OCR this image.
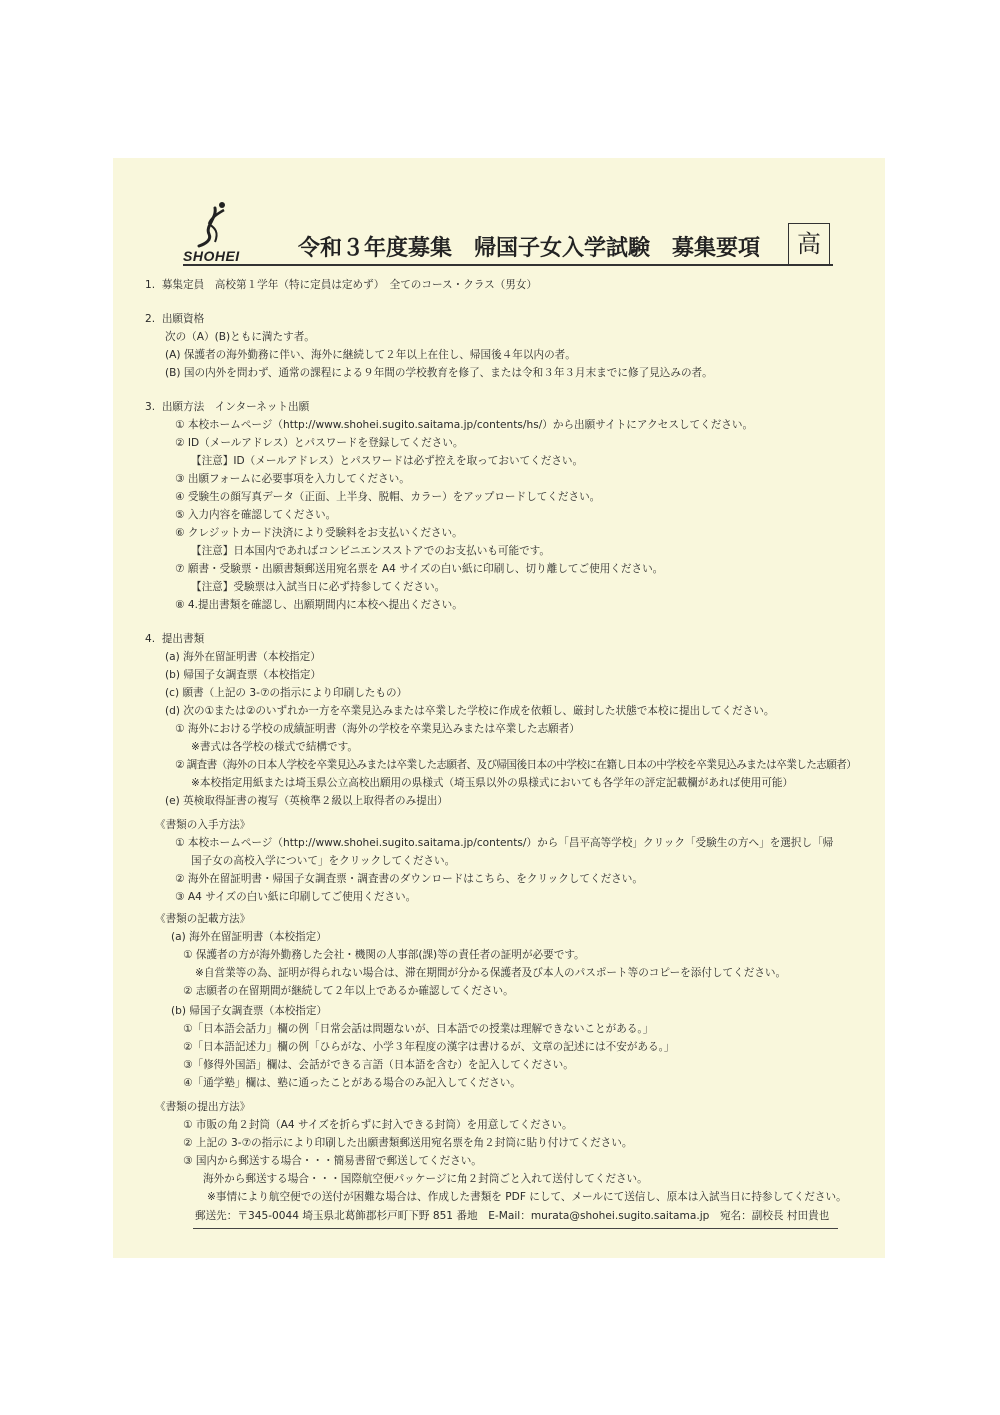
SHOHEI	令和３年度募集　帰国子女入学試験　募集要項	高
1.  募集定員　高校第１学年（特に定員は定めず）　全てのコース・クラス（男女）
2.  出願資格
次の（A）(B)ともに満たす者。
(A) 保護者の海外勤務に伴い、海外に継続して２年以上在住し、帰国後４年以内の者。
(B) 国の内外を問わず、通常の課程による９年間の学校教育を修了、または令和３年３月末までに修了見込みの者。
3.  出願方法　インターネット出願
① 本校ホームページ（http://www.shohei.sugito.saitama.jp/contents/hs/）から出願サイトにアクセスしてください。
② ID（メールアドレス）とパスワードを登録してください。
【注意】ID（メールアドレス）とパスワードは必ず控えを取っておいてください。
③ 出願フォームに必要事項を入力してください。
④ 受験生の顔写真データ（正面、上半身、脱帽、カラー）をアップロードしてください。
⑤ 入力内容を確認してください。
⑥ クレジットカード決済により受験料をお支払いください。
【注意】日本国内であればコンビニエンスストアでのお支払いも可能です。
⑦ 願書・受験票・出願書類郵送用宛名票を A4 サイズの白い紙に印刷し、切り離してご使用ください。
【注意】受験票は入試当日に必ず持参してください。
⑧ 4.提出書類を確認し、出願期間内に本校へ提出ください。
4.  提出書類
(a) 海外在留証明書（本校指定）
(b) 帰国子女調査票（本校指定）
(c) 願書（上記の 3-⑦の指示により印刷したもの）
(d) 次の①または②のいずれか一方を卒業見込みまたは卒業した学校に作成を依頼し、厳封した状態で本校に提出してください。
① 海外における学校の成績証明書（海外の学校を卒業見込みまたは卒業した志願者）
※書式は各学校の様式で結構です。
② 調査書（海外の日本人学校を卒業見込みまたは卒業した志願者、及び帰国後日本の中学校に在籍し日本の中学校を卒業見込みまたは卒業した志願者）
※本校指定用紙または埼玉県公立高校出願用の県様式（埼玉県以外の県様式においても各学年の評定記載欄があれば使用可能）
(e) 英検取得証書の複写（英検準２級以上取得者のみ提出）
《書類の入手方法》
① 本校ホームページ（http://www.shohei.sugito.saitama.jp/contents/）から「昌平高等学校」クリック「受験生の方へ」を選択し「帰
国子女の高校入学について」をクリックしてください。
② 海外在留証明書・帰国子女調査票・調査書のダウンロードはこちら、をクリックしてください。
③ A4 サイズの白い紙に印刷してご使用ください。
《書類の記載方法》
(a) 海外在留証明書（本校指定）
① 保護者の方が海外勤務した会社・機関の人事部(課)等の責任者の証明が必要です。
※自営業等の為、証明が得られない場合は、滞在期間が分かる保護者及び本人のパスポート等のコピーを添付してください。
② 志願者の在留期間が継続して２年以上であるか確認してください。
(b) 帰国子女調査票（本校指定）
①「日本語会話力」欄の例「日常会話は問題ないが、日本語での授業は理解できないことがある。」
②「日本語記述力」欄の例「ひらがな、小学３年程度の漢字は書けるが、文章の記述には不安がある。」
③「修得外国語」欄は、会話ができる言語（日本語を含む）を記入してください。
④「通学塾」欄は、塾に通ったことがある場合のみ記入してください。
《書類の提出方法》
① 市販の角２封筒（A4 サイズを折らずに封入できる封筒）を用意してください。
② 上記の 3-⑦の指示により印刷した出願書類郵送用宛名票を角２封筒に貼り付けてください。
③ 国内から郵送する場合・・・簡易書留で郵送してください。
海外から郵送する場合・・・国際航空便パッケージに角２封筒ごと入れて送付してください。
※事情により航空便での送付が困難な場合は、作成した書類を PDF にして、メールにて送信し、原本は入試当日に持参してください。
郵送先：〒345-0044 埼玉県北葛飾郡杉戸町下野 851 番地　E-Mail：murata@shohei.sugito.saitama.jp　宛名：副校長 村田貴也
